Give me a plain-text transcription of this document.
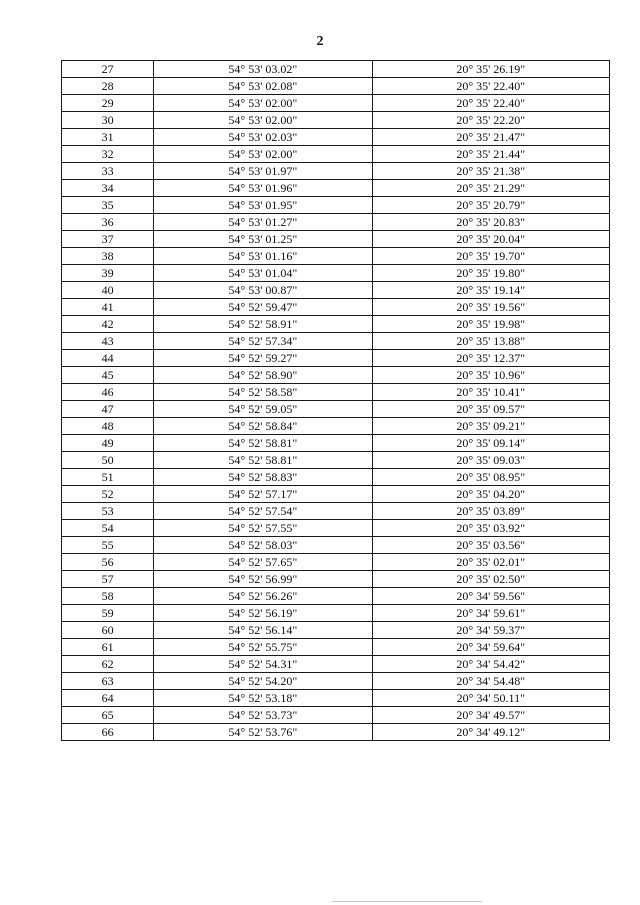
2
27	54° 53' 03.02"	20° 35' 26.19"
28	54° 53' 02.08"	20° 35' 22.40"
29	54° 53' 02.00"	20° 35' 22.40"
30	54° 53' 02.00"	20° 35' 22.20"
31	54° 53' 02.03"	20° 35' 21.47"
32	54° 53' 02.00"	20° 35' 21.44"
33	54° 53' 01.97"	20° 35' 21.38"
34	54° 53' 01.96"	20° 35' 21.29"
35	54° 53' 01.95"	20° 35' 20.79"
36	54° 53' 01.27"	20° 35' 20.83"
37	54° 53' 01.25"	20° 35' 20.04"
38	54° 53' 01.16"	20° 35' 19.70"
39	54° 53' 01.04"	20° 35' 19.80"
40	54° 53' 00.87"	20° 35' 19.14"
41	54° 52' 59.47"	20° 35' 19.56"
42	54° 52' 58.91"	20° 35' 19.98"
43	54° 52' 57.34"	20° 35' 13.88"
44	54° 52' 59.27"	20° 35' 12.37"
45	54° 52' 58.90"	20° 35' 10.96"
46	54° 52' 58.58"	20° 35' 10.41"
47	54° 52' 59.05"	20° 35' 09.57"
48	54° 52' 58.84"	20° 35' 09.21"
49	54° 52' 58.81"	20° 35' 09.14"
50	54° 52' 58.81"	20° 35' 09.03"
51	54° 52' 58.83"	20° 35' 08.95"
52	54° 52' 57.17"	20° 35' 04.20"
53	54° 52' 57.54"	20° 35' 03.89"
54	54° 52' 57.55"	20° 35' 03.92"
55	54° 52' 58.03"	20° 35' 03.56"
56	54° 52' 57.65"	20° 35' 02.01"
57	54° 52' 56.99"	20° 35' 02.50"
58	54° 52' 56.26"	20° 34' 59.56"
59	54° 52' 56.19"	20° 34' 59.61"
60	54° 52' 56.14"	20° 34' 59.37"
61	54° 52' 55.75"	20° 34' 59.64"
62	54° 52' 54.31"	20° 34' 54.42"
63	54° 52' 54.20"	20° 34' 54.48"
64	54° 52' 53.18"	20° 34' 50.11"
65	54° 52' 53.73"	20° 34' 49.57"
66	54° 52' 53.76"	20° 34' 49.12"
